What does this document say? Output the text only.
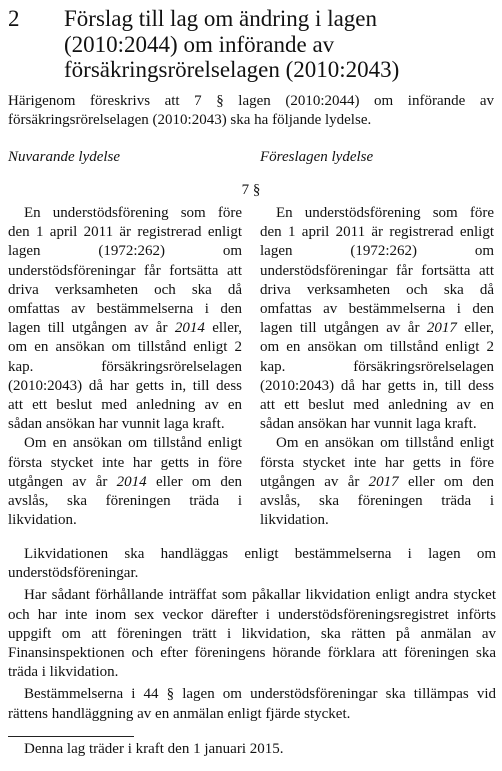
2 Förslag till lag om ändring i lagen (2010:2044) om införande av försäkringsrörelselagen (2010:2043)
Härigenom föreskrivs att 7 § lagen (2010:2044) om införande av försäkringsrörelselagen (2010:2043) ska ha följande lydelse.
Nuvarande lydelse	Föreslagen lydelse
7 §

En understödsförening som före den 1 april 2011 är registrerad enligt lagen (1972:262) om understödsföreningar får fortsätta att driva verksamheten och ska då omfattas av bestämmelserna i den lagen till utgången av år 2014 eller, om en ansökan om tillstånd enligt 2 kap. försäkringsrörelselagen (2010:2043) då har getts in, till dess att ett beslut med anledning av en sådan ansökan har vunnit laga kraft.

Om en ansökan om tillstånd enligt första stycket inte har getts in före utgången av år 2014 eller om den avslås, ska föreningen träda i likvidation.

En understödsförening som före den 1 april 2011 är registrerad enligt lagen (1972:262) om understödsföreningar får fortsätta att driva verksamheten och ska då omfattas av bestämmelserna i den lagen till utgången av år 2017 eller, om en ansökan om tillstånd enligt 2 kap. försäkringsrörelselagen (2010:2043) då har getts in, till dess att ett beslut med anledning av en sådan ansökan har vunnit laga kraft.

Om en ansökan om tillstånd enligt första stycket inte har getts in före utgången av år 2017 eller om den avslås, ska föreningen träda i likvidation.

Likvidationen ska handläggas enligt bestämmelserna i lagen om understödsföreningar.

Har sådant förhållande inträffat som påkallar likvidation enligt andra stycket och har inte inom sex veckor därefter i understödsföreningsregistret införts uppgift om att föreningen trätt i likvidation, ska rätten på anmälan av Finansinspektionen och efter föreningens hörande förklara att föreningen ska träda i likvidation.

Bestämmelserna i 44 § lagen om understödsföreningar ska tillämpas vid rättens handläggning av en anmälan enligt fjärde stycket.

Denna lag träder i kraft den 1 januari 2015.
